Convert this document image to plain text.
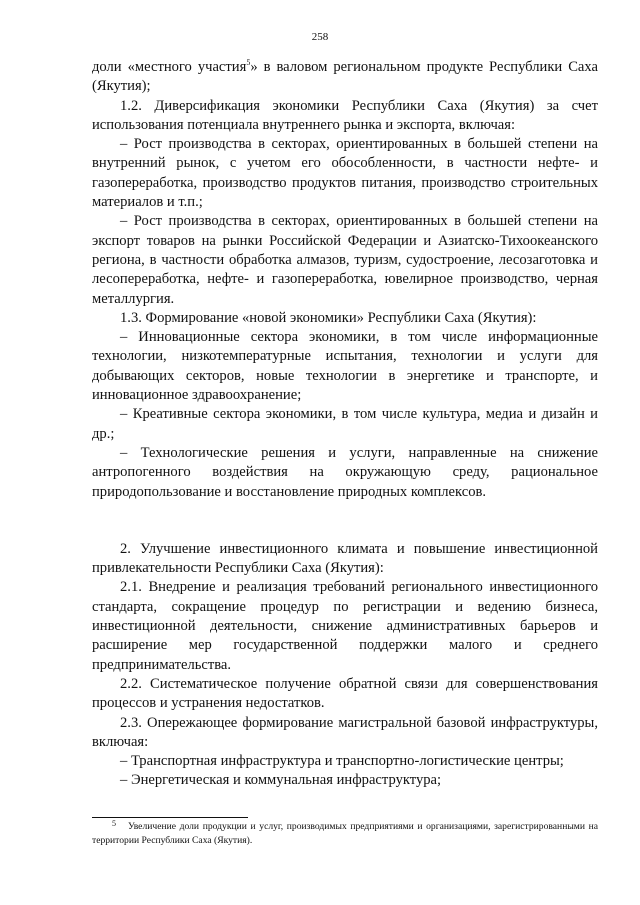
258

доли «местного участия$^5$» в валовом региональном продукте Республики Саха (Якутия);

1.2. Диверсификация экономики Республики Саха (Якутия) за счет использования потенциала внутреннего рынка и экспорта, включая:

– Рост производства в секторах, ориентированных в большей степени на внутренний рынок, с учетом его обособленности, в частности нефте- и газопереработка, производство продуктов питания, производство строительных материалов и т.п.;

– Рост производства в секторах, ориентированных в большей степени на экспорт товаров на рынки Российской Федерации и Азиатско-Тихоокеанского региона, в частности обработка алмазов, туризм, судостроение, лесозаготовка и лесопереработка, нефте- и газопереработка, ювелирное производство, черная металлургия.

1.3. Формирование «новой экономики» Республики Саха (Якутия):

– Инновационные сектора экономики, в том числе информационные технологии, низкотемпературные испытания, технологии и услуги для добывающих секторов, новые технологии в энергетике и транспорте, и инновационное здравоохранение;

– Креативные сектора экономики, в том числе культура, медиа и дизайн и др.;

– Технологические решения и услуги, направленные на снижение антропогенного воздействия на окружающую среду, рациональное природопользование и восстановление природных комплексов.

2. Улучшение инвестиционного климата и повышение инвестиционной привлекательности Республики Саха (Якутия):

2.1. Внедрение и реализация требований регионального инвестиционного стандарта, сокращение процедур по регистрации и ведению бизнеса, инвестиционной деятельности, снижение административных барьеров и расширение мер государственной поддержки малого и среднего предпринимательства.

2.2. Систематическое получение обратной связи для совершенствования процессов и устранения недостатков.

2.3. Опережающее формирование магистральной базовой инфраструктуры, включая:

– Транспортная инфраструктура и транспортно-логистические центры;

– Энергетическая и коммунальная инфраструктура;

5 Увеличение доли продукции и услуг, производимых предприятиями и организациями, зарегистрированными на территории Республики Саха (Якутия).
